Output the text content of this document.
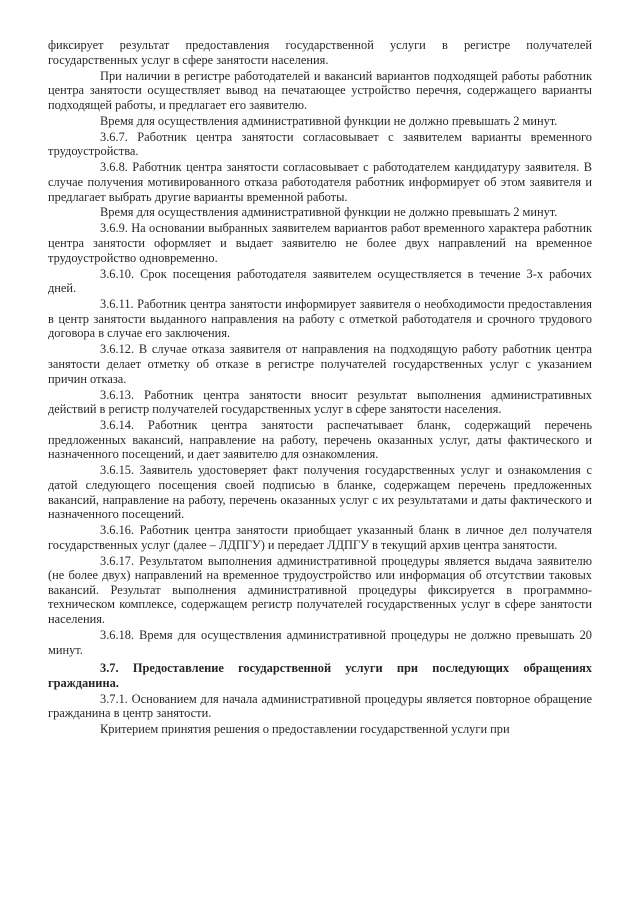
фиксирует результат предоставления государственной услуги в регистре получателей государственных услуг в сфере занятости населения.

При наличии в регистре работодателей и вакансий вариантов подходящей работы работник центра занятости осуществляет вывод на печатающее устройство перечня, содержащего варианты подходящей работы, и предлагает его заявителю.

Время для осуществления административной функции не должно превышать 2 минут.

3.6.7. Работник центра занятости согласовывает с заявителем варианты временного трудоустройства.

3.6.8. Работник центра занятости согласовывает с работодателем кандидатуру заявителя. В случае получения мотивированного отказа работодателя работник информирует об этом заявителя и предлагает выбрать другие варианты временной работы.

Время для осуществления административной функции не должно превышать 2 минут.

3.6.9. На основании выбранных заявителем вариантов работ временного характера работник центра занятости оформляет и выдает заявителю не более двух направлений на временное трудоустройство одновременно.

3.6.10. Срок посещения работодателя заявителем осуществляется в течение 3-х рабочих дней.

3.6.11. Работник центра занятости информирует заявителя о необходимости предоставления в центр занятости выданного направления на работу с отметкой работодателя и срочного трудового договора в случае его заключения.

3.6.12. В случае отказа заявителя от направления на подходящую работу работник центра занятости делает отметку об отказе в регистре получателей государственных услуг с указанием причин отказа.

3.6.13. Работник центра занятости вносит результат выполнения административных действий в регистр получателей государственных услуг в сфере занятости населения.

3.6.14. Работник центра занятости распечатывает бланк, содержащий перечень предложенных вакансий, направление на работу, перечень оказанных услуг, даты фактического и назначенного посещений, и дает заявителю для ознакомления.

3.6.15. Заявитель удостоверяет факт получения государственных услуг и ознакомления с датой следующего посещения своей подписью в бланке, содержащем перечень предложенных вакансий, направление на работу, перечень оказанных услуг с их результатами и даты фактического и назначенного посещений.

3.6.16. Работник центра занятости приобщает указанный бланк в личное дел получателя государственных услуг (далее – ЛДПГУ) и передает ЛДПГУ в текущий архив центра занятости.

3.6.17. Результатом выполнения административной процедуры является выдача заявителю (не более двух) направлений на временное трудоустройство или информация об отсутствии таковых вакансий. Результат выполнения административной процедуры фиксируется в программно-техническом комплексе, содержащем регистр получателей государственных услуг в сфере занятости населения.

3.6.18. Время для осуществления административной процедуры не должно превышать 20 минут.

3.7. Предоставление государственной услуги при последующих обращениях гражданина.

3.7.1. Основанием для начала административной процедуры является повторное обращение гражданина в центр занятости.

Критерием принятия решения о предоставлении государственной услуги при
